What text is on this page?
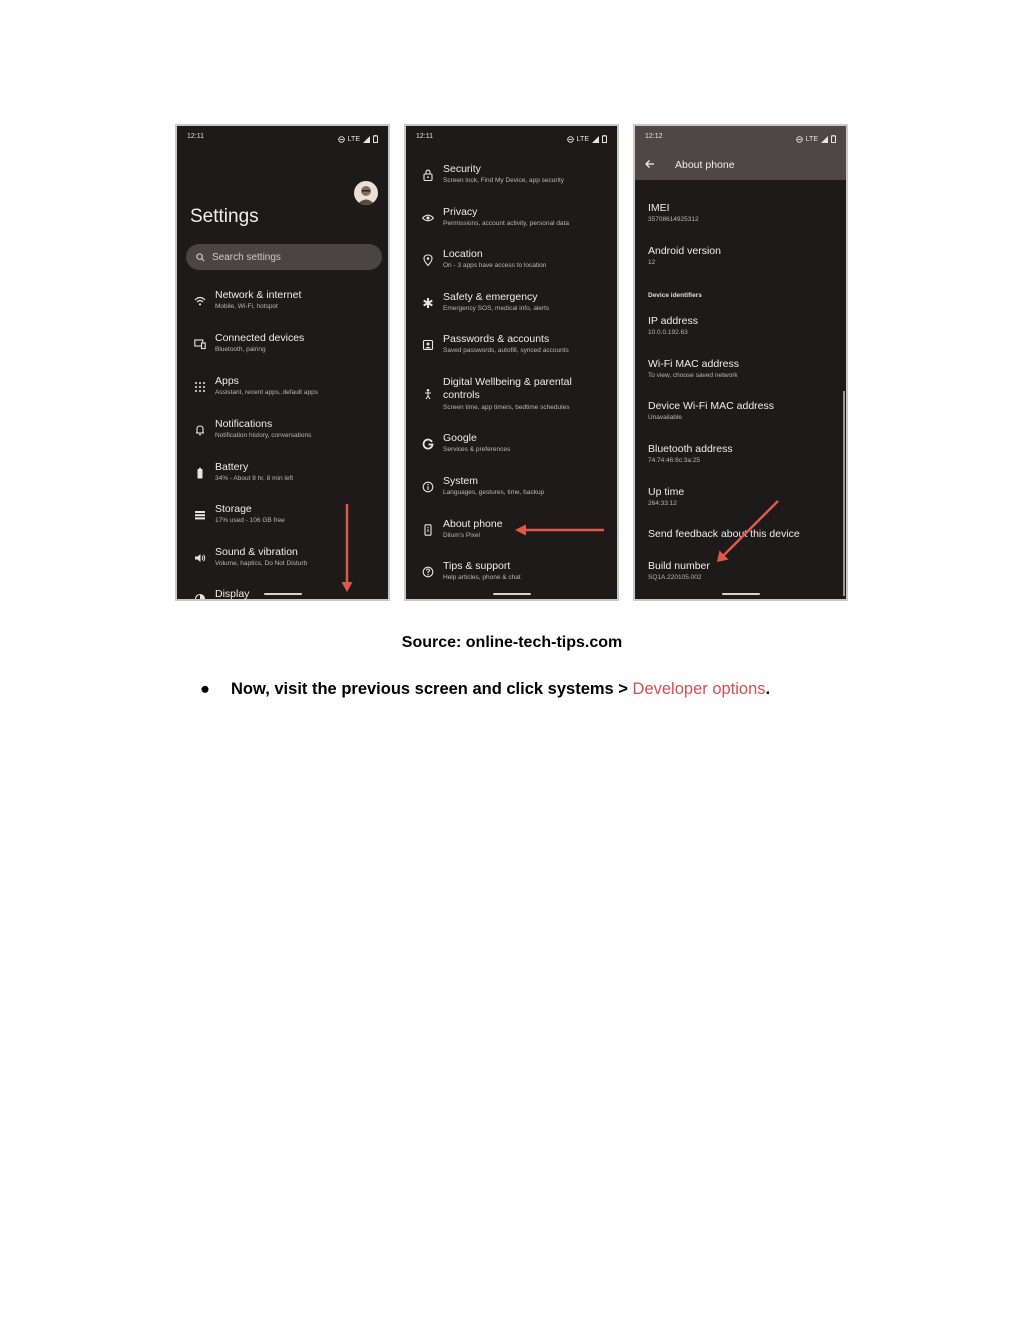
12:11	LTE
Settings
Search settings
Network & internet
Mobile, Wi-Fi, hotspot
Connected devices
Bluetooth, pairing
Apps
Assistant, recent apps, default apps
Notifications
Notification history, conversations
Battery
34% - About 8 hr, 8 min left
Storage
17% used - 106 GB free
Sound & vibration
Volume, haptics, Do Not Disturb
Display
12:11	LTE
Security
Screen lock, Find My Device, app security
Privacy
Permissions, account activity, personal data
Location
On - 3 apps have access to location
Safety & emergency
Emergency SOS, medical info, alerts
Passwords & accounts
Saved passwords, autofill, synced accounts
Digital Wellbeing & parental controls
Screen time, app timers, bedtime schedules
Google
Services & preferences
System
Languages, gestures, time, backup
About phone
Dilum's Pixel
Tips & support
Help articles, phone & chat
About phone
12:12	LTE
IMEI
35708614925312
Android version
12
Device identifiers
IP address
10.0.0.192.63
Wi-Fi MAC address
To view, choose saved network
Device Wi-Fi MAC address
Unavailable
Bluetooth address
74:74:46:8c:3a:25
Up time
264:33:12
Send feedback about this device
Build number
SQ1A.220105.002
Source: online-tech-tips.com
● Now, visit the previous screen and click systems > Developer options.
